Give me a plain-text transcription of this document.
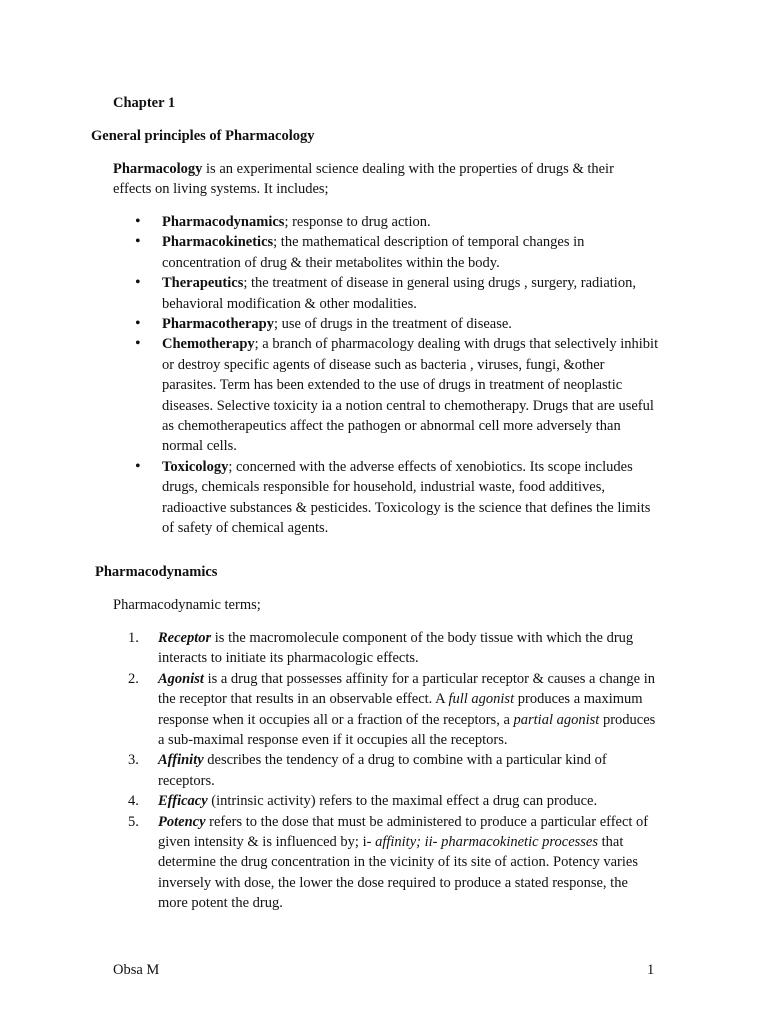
Chapter 1

General principles of Pharmacology

Pharmacology is an experimental science dealing with the properties of drugs & their effects on living systems. It includes;

• Pharmacodynamics; response to drug action.
• Pharmacokinetics; the mathematical description of temporal changes in concentration of drug & their metabolites within the body.
• Therapeutics; the treatment of disease in general using drugs , surgery, radiation, behavioral modification & other modalities.
• Pharmacotherapy; use of drugs in the treatment of disease.
• Chemotherapy; a branch of pharmacology dealing with drugs that selectively inhibit or destroy specific agents of disease such as bacteria , viruses, fungi, &other parasites. Term has been extended to the use of drugs in treatment of neoplastic diseases. Selective toxicity ia a notion central to chemotherapy. Drugs that are useful as chemotherapeutics affect the pathogen or abnormal cell more adversely than normal cells.
• Toxicology; concerned with the adverse effects of xenobiotics. Its scope includes drugs, chemicals responsible for household, industrial waste, food additives, radioactive substances & pesticides. Toxicology is the science that defines the limits of safety of chemical agents.

Pharmacodynamics

Pharmacodynamic terms;

1. Receptor is the macromolecule component of the body tissue with which the drug interacts to initiate its pharmacologic effects.
2. Agonist is a drug that possesses affinity for a particular receptor & causes a change in the receptor that results in an observable effect. A full agonist produces a maximum response when it occupies all or a fraction of the receptors, a partial agonist produces a sub-maximal response even if it occupies all the receptors.
3. Affinity describes the tendency of a drug to combine with a particular kind of receptors.
4. Efficacy (intrinsic activity) refers to the maximal effect a drug can produce.
5. Potency refers to the dose that must be administered to produce a particular effect of given intensity & is influenced by; i- affinity; ii- pharmacokinetic processes that determine the drug concentration in the vicinity of its site of action. Potency varies inversely with dose, the lower the dose required to produce a stated response, the more potent the drug.

Obsa M	1
